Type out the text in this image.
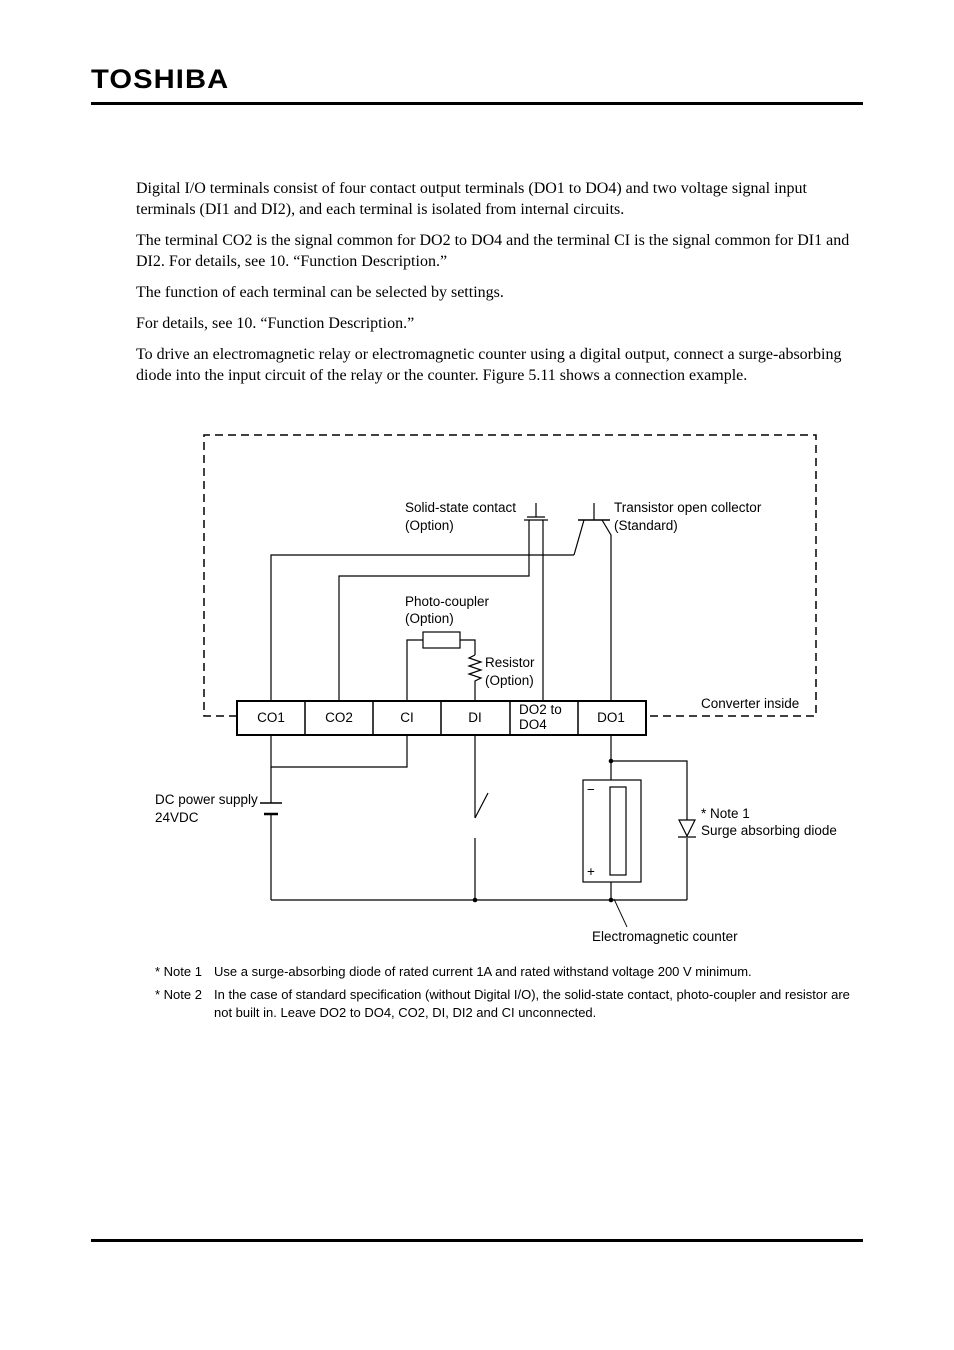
TOSHIBA

Digital I/O terminals consist of four contact output terminals (DO1 to DO4) and two voltage signal input terminals (DI1 and DI2), and each terminal is isolated from internal circuits.

The terminal CO2 is the signal common for DO2 to DO4 and the terminal CI is the signal common for DI1 and DI2. For details, see 10. “Function Description.”

The function of each terminal can be selected by settings.

For details, see 10. “Function Description.”

To drive an electromagnetic relay or electromagnetic counter using a digital output, connect a surge-absorbing diode into the input circuit of the relay or the counter. Figure 5.11 shows a connection example.

Solid-state contact
(Option)
Transistor open collector
(Standard)
Photo-coupler
(Option)
Resistor
(Option)
Converter inside
CO1	CO2	CI	DI
DO2 to
DO4	DO1
DC power supply
24VDC	* Note 1
Surge absorbing diode
−
+
Electromagnetic counter
* Note 1 Use a surge-absorbing diode of rated current 1A and rated withstand voltage 200 V minimum.
* Note 2 In the case of standard specification (without Digital I/O), the solid-state contact, photo-coupler and resistor are not built in. Leave DO2 to DO4, CO2, DI, DI2 and CI unconnected.
